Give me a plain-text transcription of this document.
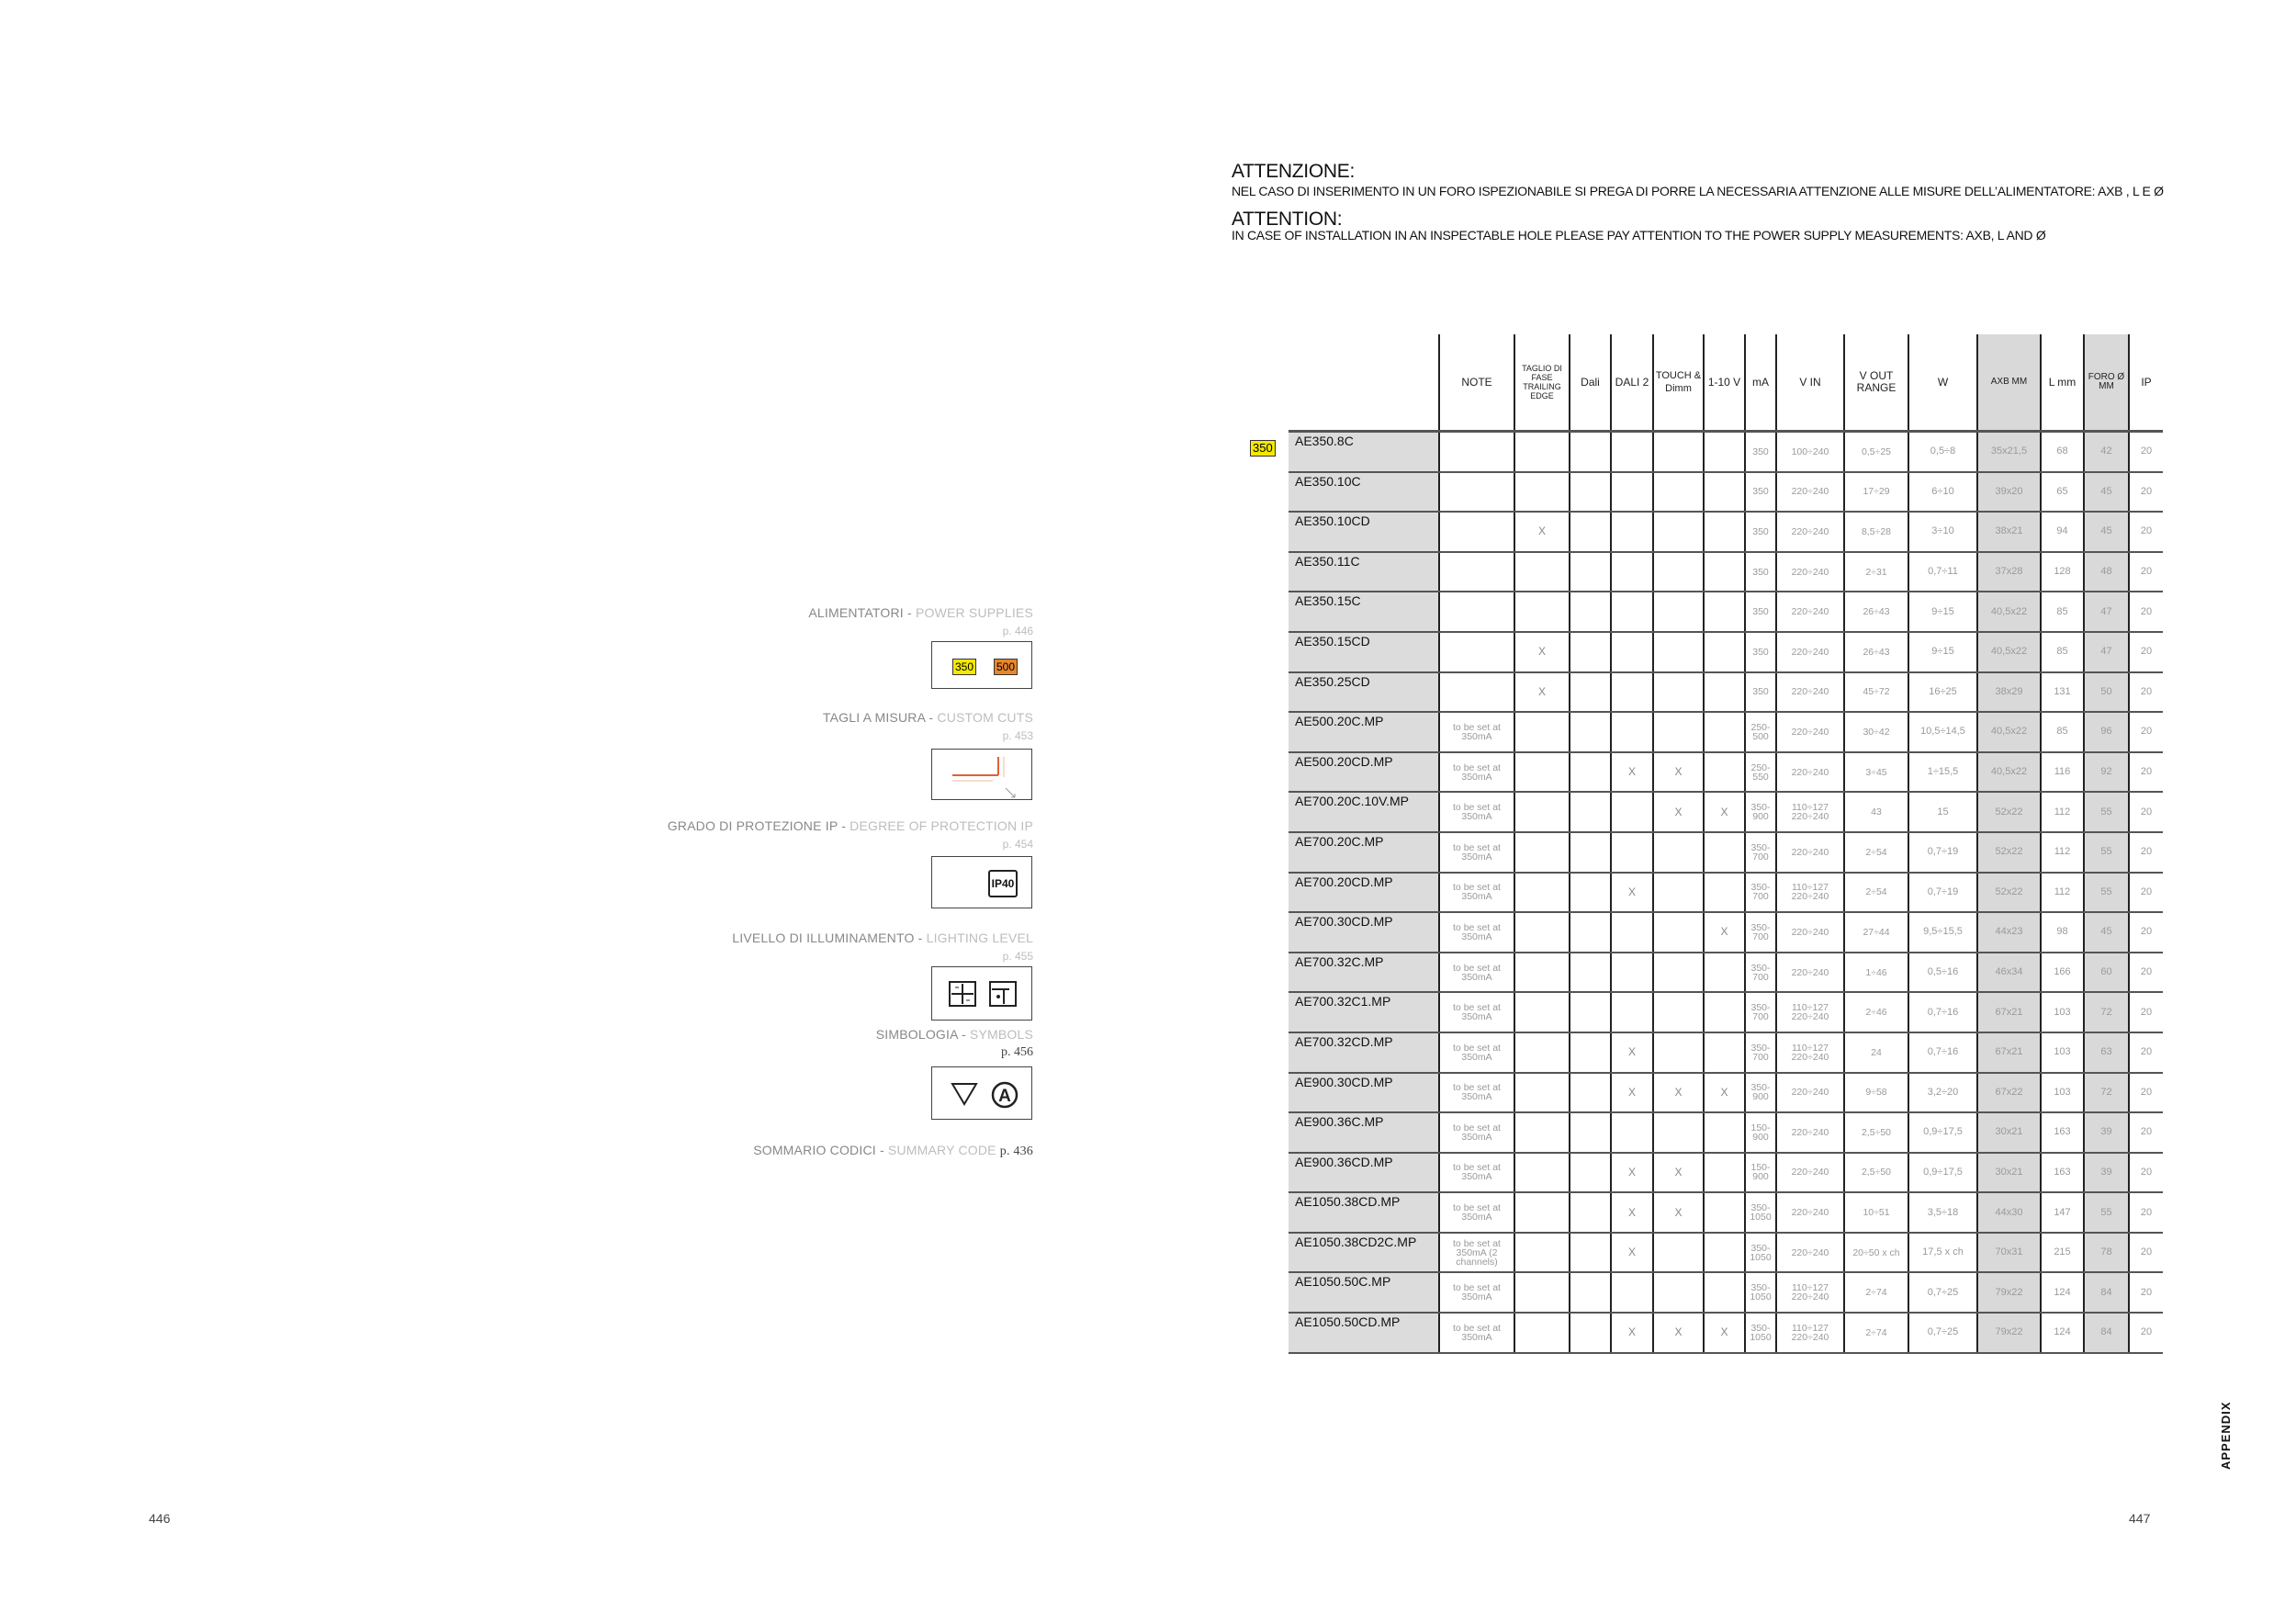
ALIMENTATORI - POWER SUPPLIES
p. 446
350 500
TAGLI A MISURA - CUSTOM CUTS
p. 453
GRADO DI PROTEZIONE IP - DEGREE OF PROTECTION IP
p. 454
IP40
LIVELLO DI ILLUMINAMENTO - LIGHTING LEVEL
p. 455
SIMBOLOGIA - SYMBOLS
p. 456
A
SOMMARIO CODICI - SUMMARY CODE p. 436
446
ATTENZIONE:
NEL CASO DI INSERIMENTO IN UN FORO ISPEZIONABILE SI PREGA DI PORRE LA NECESSARIA ATTENZIONE ALLE MISURE DELL’ALIMENTATORE: AXB , L E Ø
ATTENTION:
IN CASE OF INSTALLATION IN AN INSPECTABLE HOLE PLEASE PAY ATTENTION TO THE POWER SUPPLY MEASUREMENTS: AXB, L AND Ø
350
		NOTE	TAGLIO DI FASE TRAILING EDGE	Dali	DALI 2	TOUCH & Dimm	1-10 V	mA	V IN	V OUT RANGE	W	AXB MM	L mm	FORO Ø MM	IP
	AE350.8C							350	100÷240	0,5÷25	0,5÷8	35x21,5	68	42	20
	AE350.10C							350	220÷240	17÷29	6÷10	39x20	65	45	20
	AE350.10CD		X					350	220÷240	8,5÷28	3÷10	38x21	94	45	20
	AE350.11C							350	220÷240	2÷31	0,7÷11	37x28	128	48	20
	AE350.15C							350	220÷240	26÷43	9÷15	40,5x22	85	47	20
	AE350.15CD		X					350	220÷240	26÷43	9÷15	40,5x22	85	47	20
	AE350.25CD		X					350	220÷240	45÷72	16÷25	38x29	131	50	20
	AE500.20C.MP	to be set at 350mA						250- 500	220÷240	30÷42	10,5÷14,5	40,5x22	85	96	20
	AE500.20CD.MP	to be set at 350mA			X	X		250- 550	220÷240	3÷45	1÷15,5	40,5x22	116	92	20
	AE700.20C.10V.MP	to be set at 350mA				X	X	350- 900	110÷127 220÷240	43	15	52x22	112	55	20
	AE700.20C.MP	to be set at 350mA						350- 700	220÷240	2÷54	0,7÷19	52x22	112	55	20
	AE700.20CD.MP	to be set at 350mA			X			350- 700	110÷127 220÷240	2÷54	0,7÷19	52x22	112	55	20
	AE700.30CD.MP	to be set at 350mA					X	350- 700	220÷240	27÷44	9,5÷15,5	44x23	98	45	20
	AE700.32C.MP	to be set at 350mA						350- 700	220÷240	1÷46	0,5÷16	46x34	166	60	20
	AE700.32C1.MP	to be set at 350mA						350- 700	110÷127 220÷240	2÷46	0,7÷16	67x21	103	72	20
	AE700.32CD.MP	to be set at 350mA			X			350- 700	110÷127 220÷240	24	0,7÷16	67x21	103	63	20
	AE900.30CD.MP	to be set at 350mA			X	X	X	350- 900	220÷240	9÷58	3,2÷20	67x22	103	72	20
	AE900.36C.MP	to be set at 350mA						150- 900	220÷240	2,5÷50	0,9÷17,5	30x21	163	39	20
	AE900.36CD.MP	to be set at 350mA			X	X		150- 900	220÷240	2,5÷50	0,9÷17,5	30x21	163	39	20
	AE1050.38CD.MP	to be set at 350mA			X	X		350- 1050	220÷240	10÷51	3,5÷18	44x30	147	55	20
	AE1050.38CD2C.MP	to be set at 350mA (2 channels)			X			350- 1050	220÷240	20÷50 x ch	17,5 x ch	70x31	215	78	20
	AE1050.50C.MP	to be set at 350mA						350- 1050	110÷127 220÷240	2÷74	0,7÷25	79x22	124	84	20
	AE1050.50CD.MP	to be set at 350mA			X	X	X	350- 1050	110÷127 220÷240	2÷74	0,7÷25	79x22	124	84	20
447
APPENDIX
